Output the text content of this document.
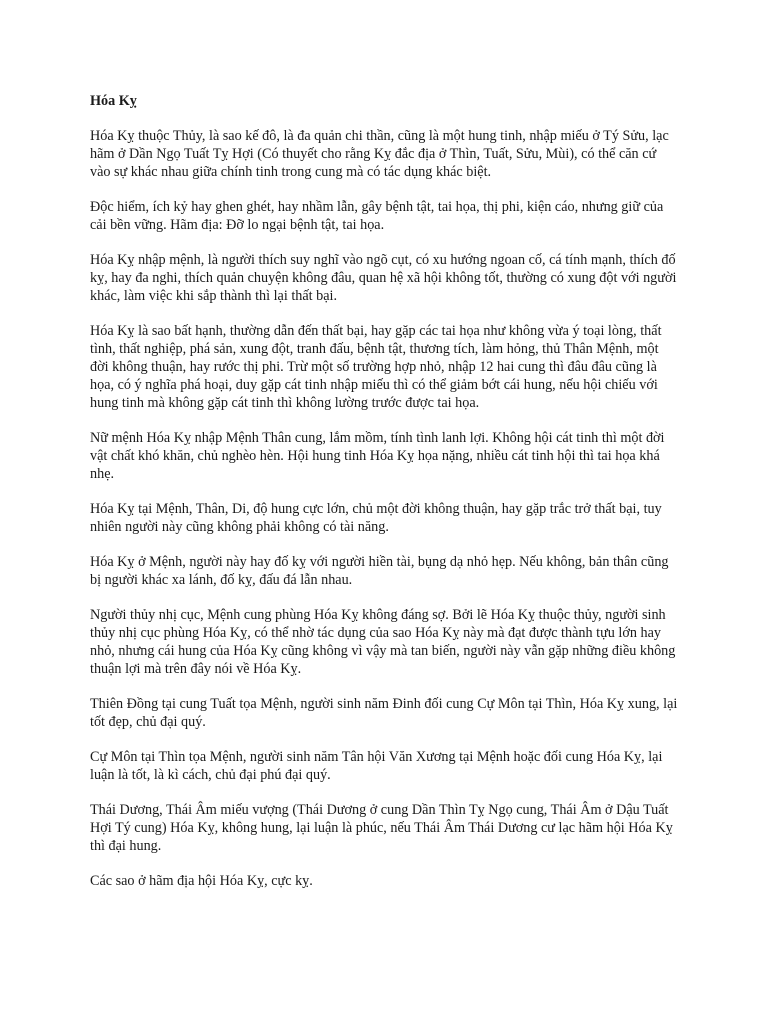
Hóa Kỵ

Hóa Kỵ thuộc Thủy, là sao kế đô, là đa quản chi thần, cũng là một hung tinh, nhập miếu ở Tý Sửu, lạc hãm ở Dần Ngọ Tuất Tỵ Hợi (Có thuyết cho rằng Kỵ đắc địa ở Thìn, Tuất, Sửu, Mùi), có thể căn cứ vào sự khác nhau giữa chính tinh trong cung mà có tác dụng khác biệt.

Độc hiểm, ích kỷ hay ghen ghét, hay nhầm lẫn, gây bệnh tật, tai họa, thị phi, kiện cáo, nhưng giữ của cải bền vững. Hãm địa: Đỡ lo ngại bệnh tật, tai họa.

Hóa Kỵ nhập mệnh, là người thích suy nghĩ vào ngõ cụt, có xu hướng ngoan cố, cá tính mạnh, thích đố kỵ, hay đa nghi, thích quản chuyện không đâu, quan hệ xã hội không tốt, thường có xung đột với người khác, làm việc khi sắp thành thì lại thất bại.

Hóa Kỵ là sao bất hạnh, thường dẫn đến thất bại, hay gặp các tai họa như không vừa ý toại lòng, thất tình, thất nghiệp, phá sản, xung đột, tranh đấu, bệnh tật, thương tích, làm hỏng, thủ Thân Mệnh, một đời không thuận, hay rước thị phi. Trừ một số trường hợp nhỏ, nhập 12 hai cung thì đâu đâu cũng là họa, có ý nghĩa phá hoại, duy gặp cát tinh nhập miếu thì có thể giảm bớt cái hung, nếu hội chiếu với hung tinh mà không gặp cát tinh thì không lường trước được tai họa.

Nữ mệnh Hóa Kỵ nhập Mệnh Thân cung, lắm mồm, tính tình lanh lợi. Không hội cát tinh thì một đời vật chất khó khăn, chủ nghèo hèn. Hội hung tinh Hóa Kỵ họa nặng, nhiều cát tinh hội thì tai họa khá nhẹ.

Hóa Kỵ tại Mệnh, Thân, Di, độ hung cực lớn, chủ một đời không thuận, hay gặp trắc trở thất bại, tuy nhiên người này cũng không phải không có tài năng.

Hóa Kỵ ở Mệnh, người này hay đố kỵ với người hiền tài, bụng dạ nhỏ hẹp. Nếu không, bản thân cũng bị người khác xa lánh, đố kỵ, đấu đá lẫn nhau.

Người thủy nhị cục, Mệnh cung phùng Hóa Kỵ không đáng sợ. Bởi lẽ Hóa Kỵ thuộc thủy, người sinh thủy nhị cục phùng Hóa Kỵ, có thể nhờ tác dụng của sao Hóa Kỵ này mà đạt được thành tựu lớn hay nhỏ, nhưng cái hung của Hóa Kỵ cũng không vì vậy mà tan biến, người này vẫn gặp những điều không thuận lợi mà trên đây nói về Hóa Kỵ.

Thiên Đồng tại cung Tuất tọa Mệnh, người sinh năm Đinh đối cung Cự Môn tại Thìn, Hóa Kỵ xung, lại tốt đẹp, chủ đại quý.

Cự Môn tại Thìn tọa Mệnh, người sinh năm Tân hội Văn Xương tại Mệnh hoặc đối cung Hóa Kỵ, lại luận là tốt, là kì cách, chủ đại phú đại quý.

Thái Dương, Thái Âm miếu vượng (Thái Dương ở cung Dần Thìn Tỵ Ngọ cung, Thái Âm ở Dậu Tuất Hợi Tý cung) Hóa Kỵ, không hung, lại luận là phúc, nếu Thái Âm Thái Dương cư lạc hãm hội Hóa Kỵ thì đại hung.

Các sao ở hãm địa hội Hóa Kỵ, cực kỵ.
